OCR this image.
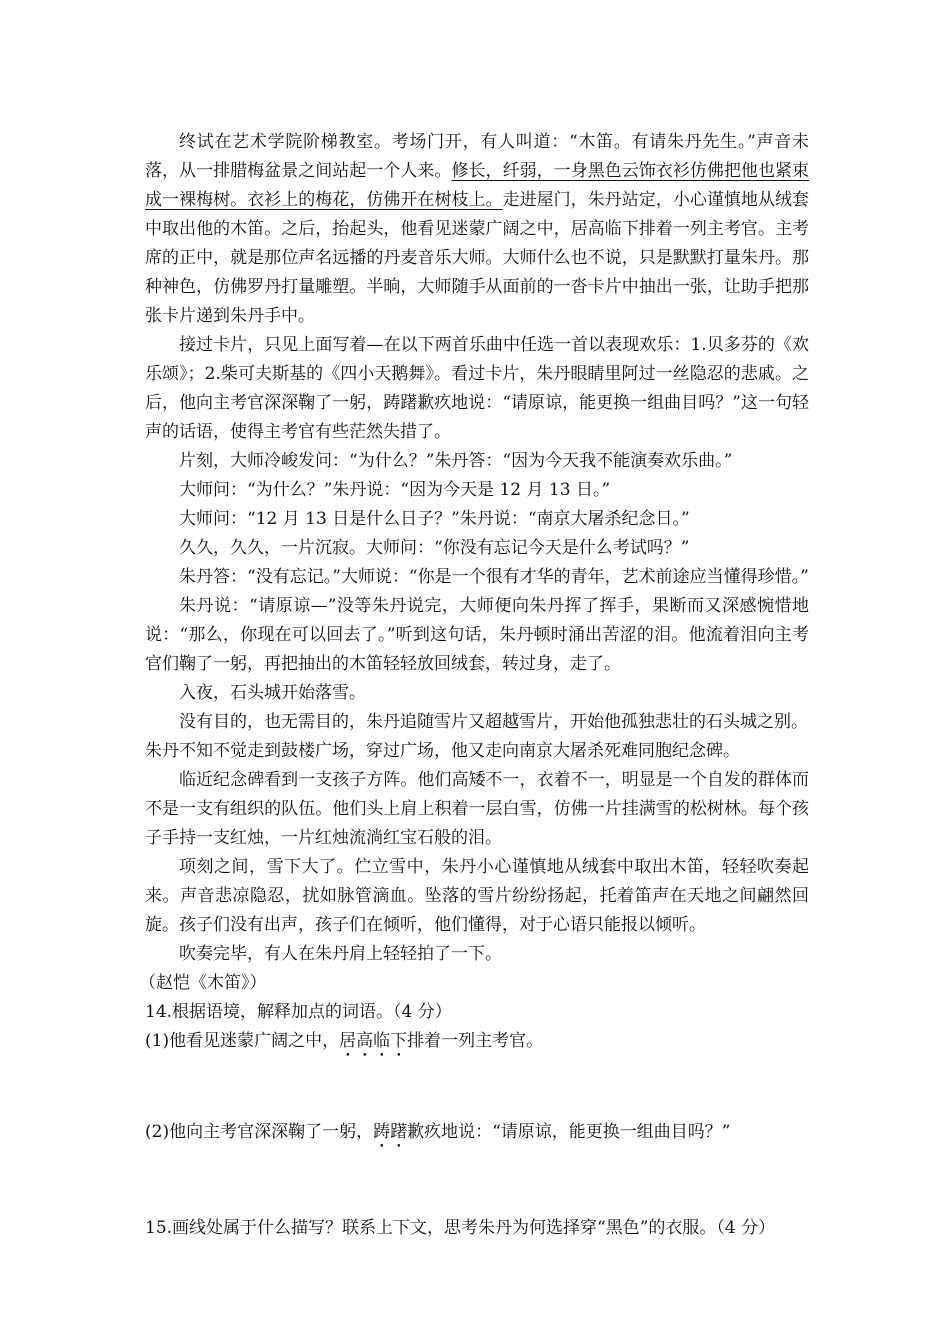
终试在艺术学院阶梯教室。考场门开，有人叫道：“木笛。有请朱丹先生。”声音未落，从一排腊梅盆景之间站起一个人来。修长，纤弱，一身黑色云饰衣衫仿佛把他也紧束成一裸梅树。衣衫上的梅花，仿佛开在树枝上。走进屋门，朱丹站定，小心谨慎地从绒套中取出他的木笛。之后，抬起头，他看见迷蒙广阔之中，居高临下排着一列主考官。主考席的正中，就是那位声名远播的丹麦音乐大师。大师什么也不说，只是默默打量朱丹。那种神色，仿佛罗丹打量雕塑。半晌，大师随手从面前的一沓卡片中抽出一张，让助手把那张卡片递到朱丹手中。

接过卡片，只见上面写着—在以下两首乐曲中任选一首以表现欢乐：1.贝多芬的《欢乐颂》；2.柴可夫斯基的《四小天鹅舞》。看过卡片，朱丹眼睛里阿过一丝隐忍的悲戚。之后，他向主考官深深鞠了一躬，踌躇歉疚地说：“请原谅，能更换一组曲目吗？”这一句轻声的话语，使得主考官有些茫然失措了。

片刻，大师冷峻发问：“为什么？”朱丹答：“因为今天我不能演奏欢乐曲。”

大师问：“为什么？”朱丹说：“因为今天是 12 月 13 日。”

大师问：“12 月 13 日是什么日子？”朱丹说：“南京大屠杀纪念日。”

久久，久久，一片沉寂。大师问：“你没有忘记今天是什么考试吗？”

朱丹答：“没有忘记。”大师说：“你是一个很有才华的青年，艺术前途应当懂得珍惜。”

朱丹说：“请原谅—”没等朱丹说完，大师便向朱丹挥了挥手，果断而又深感惋惜地说：“那么，你现在可以回去了。”听到这句话，朱丹顿时涌出苦涩的泪。他流着泪向主考官们鞠了一躬，再把抽出的木笛轻轻放回绒套，转过身，走了。

入夜，石头城开始落雪。

没有目的，也无需目的，朱丹追随雪片又超越雪片，开始他孤独悲壮的石头城之别。

朱丹不知不觉走到鼓楼广场，穿过广场，他又走向南京大屠杀死难同胞纪念碑。

临近纪念碑看到一支孩子方阵。他们高矮不一，衣着不一，明显是一个自发的群体而不是一支有组织的队伍。他们头上肩上积着一层白雪，仿佛一片挂满雪的松树林。每个孩子手持一支红烛，一片红烛流淌红宝石般的泪。

项刻之间，雪下大了。伫立雪中，朱丹小心谨慎地从绒套中取出木笛，轻轻吹奏起来。声音悲凉隐忍，扰如脉管滴血。坠落的雪片纷纷扬起，托着笛声在天地之间翩然回旋。孩子们没有出声，孩子们在倾听，他们懂得，对于心语只能报以倾听。

吹奏完毕，有人在朱丹肩上轻轻拍了一下。

（赵恺《木笛》）

14.根据语境，解释加点的词语。（4 分）

(1)他看见迷蒙广阔之中，居高临下排着一列主考官。

(2)他向主考官深深鞠了一躬，踌躇歉疚地说：“请原谅，能更换一组曲目吗？”

15.画线处属于什么描写？联系上下文，思考朱丹为何选择穿“黑色”的衣服。（4 分）
